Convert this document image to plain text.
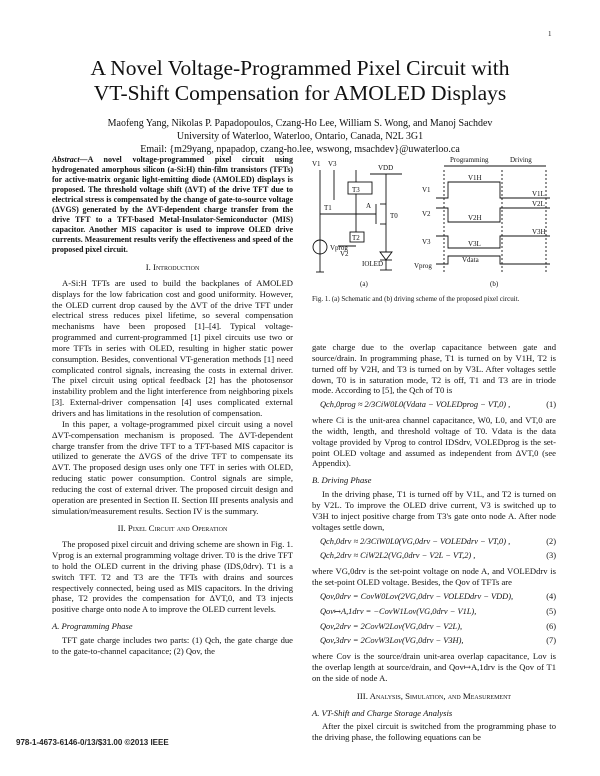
1
A Novel Voltage-Programmed Pixel Circuit with
VT-Shift Compensation for AMOLED Displays
Maofeng Yang, Nikolas P. Papadopoulos, Czang-Ho Lee, William S. Wong, and Manoj Sachdev
University of Waterloo, Waterloo, Ontario, Canada, N2L 3G1
Email: {m29yang, npapadop, czang-ho.lee, wswong, msachdev}@uwaterloo.ca

Abstract—A novel voltage-programmed pixel circuit using hydrogenated amorphous silicon (a-Si:H) thin-film transistors (TFTs) for active-matrix organic light-emitting diode (AMOLED) displays is proposed. The threshold voltage shift (ΔVT) of the drive TFT due to electrical stress is compensated by the change of gate-to-source voltage (ΔVGS) generated by the ΔVT-dependent charge transfer from the drive TFT to a TFT-based Metal-Insulator-Semiconductor (MIS) capacitor. Another MIS capacitor is used to improve OLED drive currents. Measurement results verify the effectiveness and speed of the proposed pixel circuit.

I. Introduction

A-Si:H TFTs are used to build the backplanes of AMOLED displays for the low fabrication cost and good uniformity. However, the OLED current drop caused by the ΔVT of the drive TFT under electrical stress reduces pixel lifetime, so several compensation mechanisms have been proposed [1]–[4]. Typical voltage-programmed and current-programmed [1] pixel circuits use two or more TFTs in series with OLED, resulting in higher static power consumption. Besides, conventional VT-generation methods [1] need complicated control signals, increasing the costs in external driver. The pixel circuit using optical feedback [2] has the photosensor instability problem and the light interference from neighboring pixels [3]. External-driver compensation [4] uses complicated external drivers and has limitations in the resolution of compensation.

In this paper, a voltage-programmed pixel circuit using a novel ΔVT-compensation mechanism is proposed. The ΔVT-dependent charge transfer from the drive TFT to a TFT-based MIS capacitor is utilized to generate the ΔVGS of the drive TFT to compensate its ΔVT. The proposed design uses only one TFT in series with OLED, reducing static power consumption. Control signals are simple, reducing the cost of external driver. The proposed circuit design and operation are presented in Section II. Section III presents analysis and simulation/measurement results. Section IV is the summary.

II. Pixel Circuit and Operation

The proposed pixel circuit and driving scheme are shown in Fig. 1. Vprog is an external programming voltage driver. T0 is the drive TFT to hold the OLED current in the driving phase (IDS,0drv). T1 is a switch TFT. T2 and T3 are the TFTs with drains and sources respectively connected, being used as MIS capacitors. In the driving phase, T2 provides the compensation for ΔVT,0, and T3 injects positive charge onto node A to improve the OLED current levels.

A. Programming Phase

TFT gate charge includes two parts: (1) Qch, the gate charge due to the gate-to-channel capacitance; (2) Qov, the

V1 V3	VDD
T3
T1	A
T0
T2
Vprog
V2
IOLED
(a)
Programming	Driving
V1
V2
V3
Vprog
V1H
V1L
V2H
V2L
V3L
V3H
Vdata
(b)
Fig. 1. (a) Schematic and (b) driving scheme of the proposed pixel circuit.

gate charge due to the overlap capacitance between gate and source/drain. In programming phase, T1 is turned on by V1H, T2 is turned off by V2H, and T3 is turned on by V3L. After voltages settle down, T0 is in saturation mode, T2 is off, T1 and T3 are in triode mode. According to [5], the Qch of T0 is

Qch,0prog ≈ 2/3CiW0L0(Vdata − VOLEDprog − VT,0) ,	(1)

where Ci is the unit-area channel capacitance, W0, L0, and VT,0 are the width, length, and threshold voltage of T0. Vdata is the data voltage provided by Vprog to control IDSdrv, VOLEDprog is the set-point OLED voltage and assumed as independent from ΔVT,0 (see Appendix).

B. Driving Phase

In the driving phase, T1 is turned off by V1L, and T2 is turned on by V2L. To improve the OLED drive current, V3 is switched up to V3H to inject positive charge from T3's gate onto node A. After node voltages settle down,

Qch,0drv ≈ 2/3CiW0L0(VG,0drv − VOLEDdrv − VT,0) ,	(2)
Qch,2drv ≈ CiW2L2(VG,0drv − V2L − VT,2) ,	(3)

where VG,0drv is the set-point voltage on node A, and VOLEDdrv is the set-point OLED voltage. Besides, the Qov of TFTs are

Qov,0drv = CovW0Lov(2VG,0drv − VOLEDdrv − VDD),	(4)
Qov↦A,1drv = −CovW1Lov(VG,0drv − V1L),	(5)
Qov,2drv = 2CovW2Lov(VG,0drv − V2L),	(6)
Qov,3drv = 2CovW3Lov(VG,0drv − V3H),	(7)

where Cov is the source/drain unit-area overlap capacitance, Lov is the overlap length at source/drain, and Qov↦A,1drv is the Qov of T1 on the side of node A.

III. Analysis, Simulation, and Measurement
A. VT-Shift and Charge Storage Analysis

After the pixel circuit is switched from the programming phase to the driving phase, the following equations can be

978-1-4673-6146-0/13/$31.00 ©2013 IEEE
